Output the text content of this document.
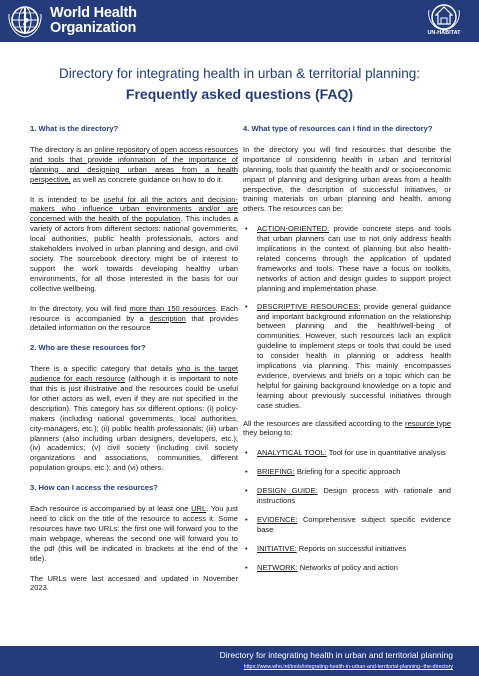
World Health
Organization	UN-HABITAT
Directory for integrating health in urban & territorial planning:
Frequently asked questions (FAQ)
1. What is the directory?

The directory is an online repository of open access resources and tools that provide information of the importance of planning and designing urban areas from a health perspective, as well as concrete guidance on how to do it.

It is intended to be useful for all the actors and decision-makers who influence urban environments and/or are concerned with the health of the population. This includes a variety of actors from different sectors: national governments, local authorities, public health professionals, actors and stakeholders involved in urban planning and design, and civil society. The sourcebook directory might be of interest to support the work towards developing healthy urban environments, for all those interested in the basis for our collective wellbeing.

In the directory, you will find more than 150 resources. Each resource is accompanied by a description that provides detailed information on the resource

2. Who are these resources for?

There is a specific category that details who is the target audience for each resource (although it is important to note that this is just illustrative and the resources could be useful for other actors as well, even if they are not specified in the description). This category has six different options: (i) policy-makers (including national governments, local authorities, city-managers, etc.); (ii) public health professionals; (iii) urban planners (also including urban designers, developers, etc.); (iv) academics; (v) civil society (including civil society organizations and associations, communities, different population groups, etc.); and (vi) others.

3. How can I access the resources?

Each resource is accompanied by at least one URL. You just need to click on the title of the resource to access it. Some resources have two URLs: the first one will forward you to the main webpage, whereas the second one will forward you to the pdf (this will be indicated in brackets at the end of the title).

The URLs were last accessed and updated in November 2023.

4. What type of resources can I find in the directory?

In the directory you will find resources that describe the importance of considering health in urban and territorial planning, tools that quantify the health and/ or socioeconomic impact of planning and designing urban areas from a health perspective, the description of successful initiatives, or training materials on urban planning and health, among others. The resources can be:

• ACTION-ORIENTED: provide concrete steps and tools that urban planners can use to not only address health implications in the context of planning but also health-related concerns through the application of updated frameworks and tools. These have a focus on toolkits, networks of action and design guides to support project planning and implementation phase.
• DESCRIPTIVE RESOURCES: provide general guidance and important background information on the relationship between planning and the health/well-being of communities. However, such resources lack an explicit guideline to implement steps or tools that could be used to consider health in planning or address health implications via planning. This mainly encompasses evidence, overviews and briefs on a topic which can be helpful for gaining background knowledge on a topic and learning about previously successful initiatives through case studies.

All the resources are classified according to the resource type they belong to:

• ANALYTICAL TOOL: Tool for use in quantitative analysis
• BRIEFING: Briefing for a specific approach
• DESIGN GUIDE: Design process with rationale and instructions
• EVIDENCE: Comprehensive subject specific evidence base
• INITIATIVE: Reports on successful initiatives
• NETWORK: Networks of policy and action
Directory for integrating health in urban and territorial planning
https://www.who.int/tools/integrating-health-in-urban-and-territorial-planning--the-directory
